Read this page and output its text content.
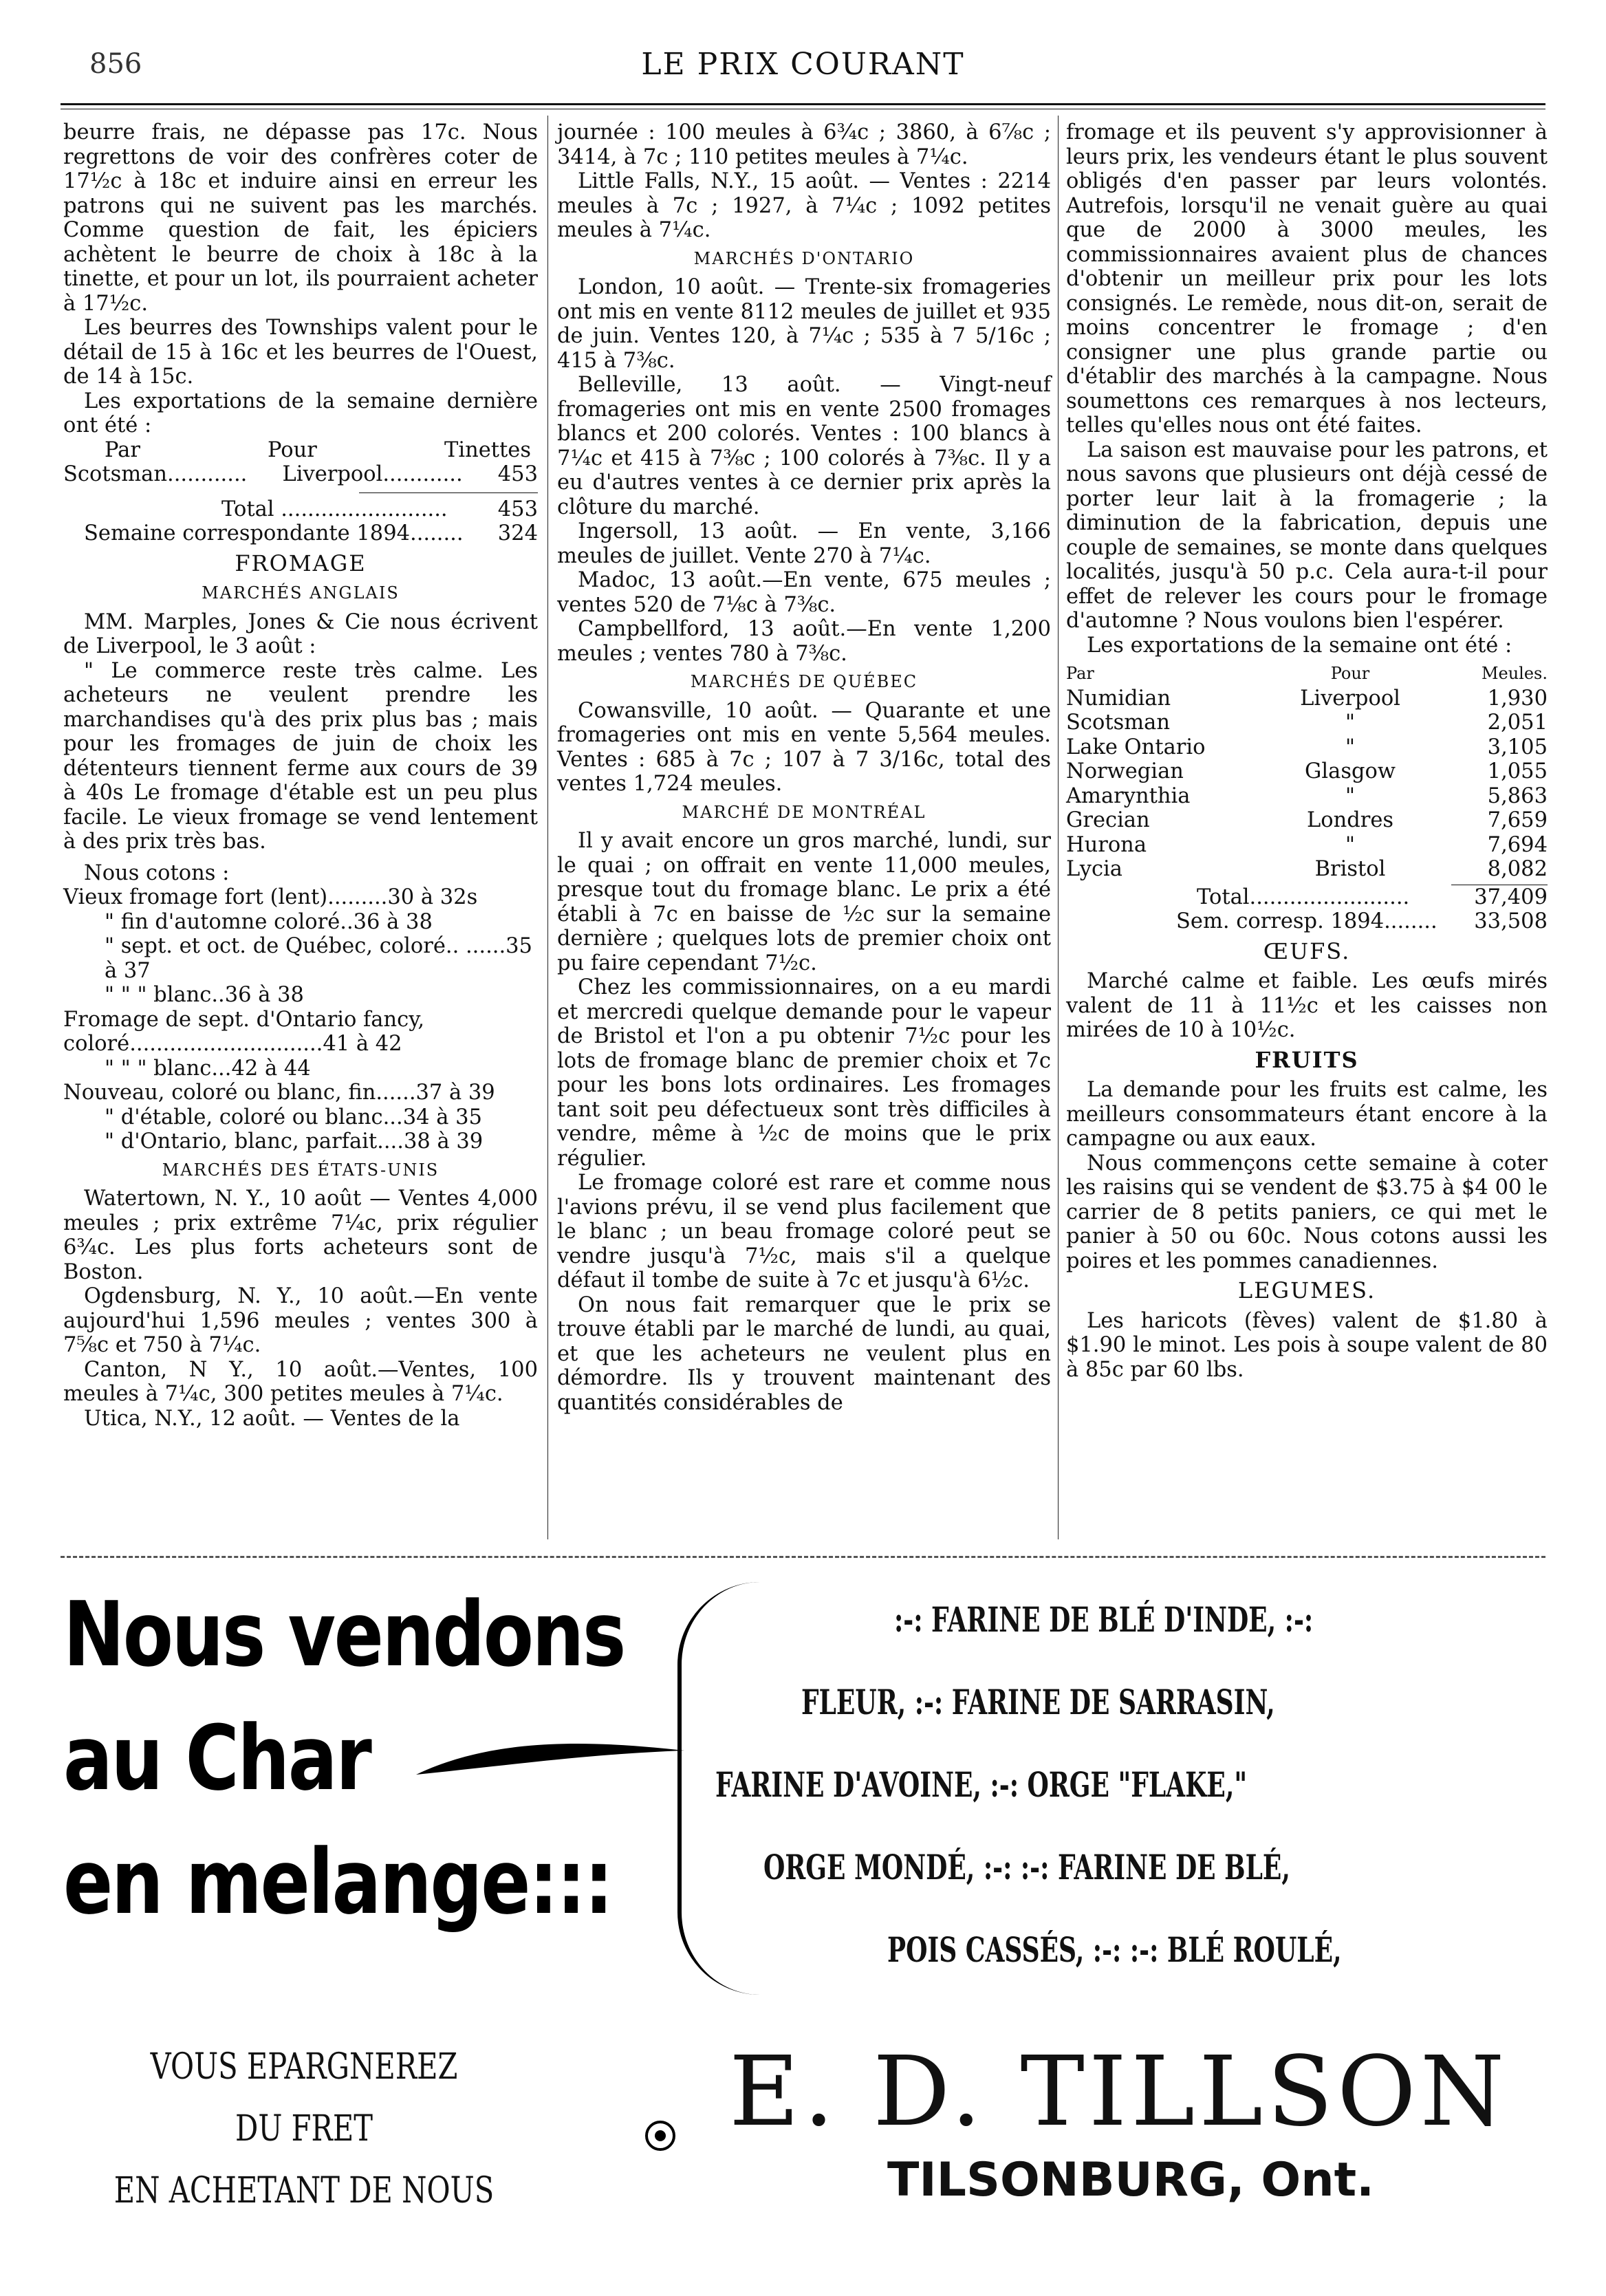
856	LE PRIX COURANT

beurre frais, ne dépasse pas 17c. Nous regrettons de voir des confrères coter de 17½c à 18c et induire ainsi en erreur les patrons qui ne suivent pas les marchés. Comme question de fait, les épiciers achètent le beurre de choix à 18c à la tinette, et pour un lot, ils pourraient acheter à 17½c.

Les beurres des Townships valent pour le détail de 15 à 16c et les beurres de l'Ouest, de 14 à 15c.

Les exportations de la semaine dernière ont été :

Par	Pour	Tinettes
Scotsman............ Liverpool............ 453
Total ......................... 453
Semaine correspondante 1894........ 324
FROMAGE
MARCHÉS ANGLAIS

MM. Marples, Jones & Cie nous écrivent de Liverpool, le 3 août :

" Le commerce reste très calme. Les acheteurs ne veulent prendre les marchandises qu'à des prix plus bas ; mais pour les fromages de juin de choix les détenteurs tiennent ferme aux cours de 39 à 40s Le fromage d'étable est un peu plus facile. Le vieux fromage se vend lentement à des prix très bas.

Nous cotons :

Vieux fromage fort (lent).........30 à 32s
" fin d'automne coloré..36 à 38
" sept. et oct. de Québec, coloré.. ......35 à 37
" " " blanc..36 à 38
Fromage de sept. d'Ontario fancy, coloré.............................41 à 42
" " " blanc...42 à 44
Nouveau, coloré ou blanc, fin......37 à 39
" d'étable, coloré ou blanc...34 à 35
" d'Ontario, blanc, parfait....38 à 39
MARCHÉS DES ÉTATS-UNIS

Watertown, N. Y., 10 août — Ventes 4,000 meules ; prix extrême 7¼c, prix régulier 6¾c. Les plus forts acheteurs sont de Boston.

Ogdensburg, N. Y., 10 août.—En vente aujourd'hui 1,596 meules ; ventes 300 à 7⅝c et 750 à 7¼c.

Canton, N Y., 10 août.—Ventes, 100 meules à 7¼c, 300 petites meules à 7¼c.

Utica, N.Y., 12 août. — Ventes de la

journée : 100 meules à 6¾c ; 3860, à 6⅞c ; 3414, à 7c ; 110 petites meules à 7¼c.

Little Falls, N.Y., 15 août. — Ventes : 2214 meules à 7c ; 1927, à 7¼c ; 1092 petites meules à 7¼c.

MARCHÉS D'ONTARIO

London, 10 août. — Trente-six fromageries ont mis en vente 8112 meules de juillet et 935 de juin. Ventes 120, à 7¼c ; 535 à 7 5/16c ; 415 à 7⅜c.

Belleville, 13 août. — Vingt-neuf fromageries ont mis en vente 2500 fromages blancs et 200 colorés. Ventes : 100 blancs à 7¼c et 415 à 7⅜c ; 100 colorés à 7⅜c. Il y a eu d'autres ventes à ce dernier prix après la clôture du marché.

Ingersoll, 13 août. — En vente, 3,166 meules de juillet. Vente 270 à 7¼c.

Madoc, 13 août.—En vente, 675 meules ; ventes 520 de 7⅛c à 7⅜c.

Campbellford, 13 août.—En vente 1,200 meules ; ventes 780 à 7⅜c.

MARCHÉS DE QUÉBEC

Cowansville, 10 août. — Quarante et une fromageries ont mis en vente 5,564 meules. Ventes : 685 à 7c ; 107 à 7 3/16c, total des ventes 1,724 meules.

MARCHÉ DE MONTRÉAL

Il y avait encore un gros marché, lundi, sur le quai ; on offrait en vente 11,000 meules, presque tout du fromage blanc. Le prix a été établi à 7c en baisse de ½c sur la semaine dernière ; quelques lots de premier choix ont pu faire cependant 7½c.

Chez les commissionnaires, on a eu mardi et mercredi quelque demande pour le vapeur de Bristol et l'on a pu obtenir 7½c pour les lots de fromage blanc de premier choix et 7c pour les bons lots ordinaires. Les fromages tant soit peu défectueux sont très difficiles à vendre, même à ½c de moins que le prix régulier.

Le fromage coloré est rare et comme nous l'avions prévu, il se vend plus facilement que le blanc ; un beau fromage coloré peut se vendre jusqu'à 7½c, mais s'il a quelque défaut il tombe de suite à 7c et jusqu'à 6½c.

On nous fait remarquer que le prix se trouve établi par le marché de lundi, au quai, et que les acheteurs ne veulent plus en démordre. Ils y trouvent maintenant des quantités considérables de

fromage et ils peuvent s'y approvisionner à leurs prix, les vendeurs étant le plus souvent obligés d'en passer par leurs volontés. Autrefois, lorsqu'il ne venait guère au quai que de 2000 à 3000 meules, les commissionnaires avaient plus de chances d'obtenir un meilleur prix pour les lots consignés. Le remède, nous dit-on, serait de moins concentrer le fromage ; d'en consigner une plus grande partie ou d'établir des marchés à la campagne. Nous soumettons ces remarques à nos lecteurs, telles qu'elles nous ont été faites.

La saison est mauvaise pour les patrons, et nous savons que plusieurs ont déjà cessé de porter leur lait à la fromagerie ; la diminution de la fabrication, depuis une couple de semaines, se monte dans quelques localités, jusqu'à 50 p.c. Cela aura-t-il pour effet de relever les cours pour le fromage d'automne ? Nous voulons bien l'espérer.

Les exportations de la semaine ont été :

Par	Pour	Meules.
Numidian	Liverpool	1,930
Scotsman	"	2,051
Lake Ontario	"	3,105
Norwegian	Glasgow	1,055
Amarynthia	"	5,863
Grecian	Londres	7,659
Hurona	"	7,694
Lycia	Bristol	8,082
Total........................	37,409
Sem. corresp. 1894........ 33,508
ŒUFS.

Marché calme et faible. Les œufs mirés valent de 11 à 11½c et les caisses non mirées de 10 à 10½c.

FRUITS

La demande pour les fruits est calme, les meilleurs consommateurs étant encore à la campagne ou aux eaux.

Nous commençons cette semaine à coter les raisins qui se vendent de $3.75 à $4 00 le carrier de 8 petits paniers, ce qui met le panier à 50 ou 60c. Nous cotons aussi les poires et les pommes canadiennes.

LEGUMES.

Les haricots (fèves) valent de $1.80 à $1.90 le minot. Les pois à soupe valent de 80 à 85c par 60 lbs.

Nous vendons
au Char
en melange:::
:-: FARINE DE BLÉ D'INDE, :-:
FLEUR, :-: FARINE DE SARRASIN,
FARINE D'AVOINE, :-: ORGE "FLAKE,"
ORGE MONDÉ, :-: :-: FARINE DE BLÉ,
POIS CASSÉS, :-: :-: BLÉ ROULÉ,
VOUS EPARGNEREZ
DU FRET
EN ACHETANT DE NOUS
E. D. TILLSON
TILSONBURG, Ont.
